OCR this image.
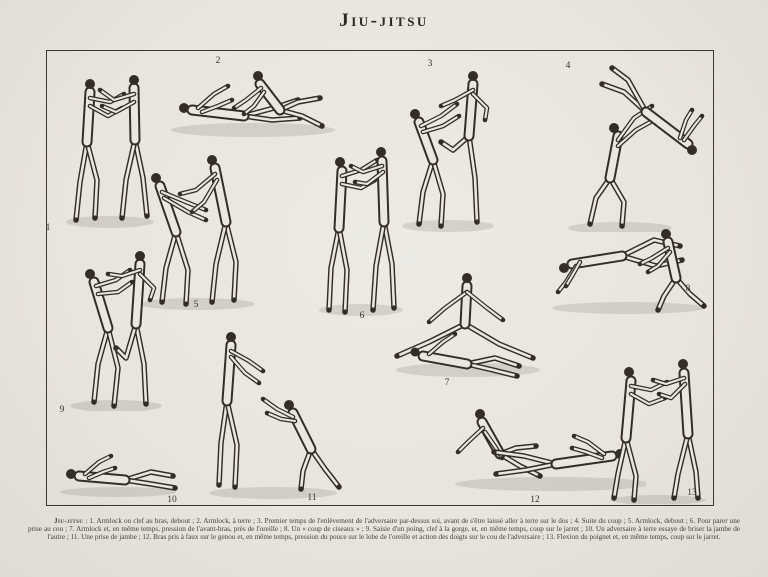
Jiu-jitsu

Jiu-jitsu : 1. Armlock ou clef au bras, debout ; 2. Armlock, à terre ; 3. Premier temps de l'enlèvement de l'adversaire par-dessus soi, avant de s'être laissé aller à terre sur le dos ; 4. Suite du coup ; 5. Armlock, debout ; 6. Pour parer une prise au cou ; 7. Armlock et, en même temps, pression de l'avant-bras, près de l'oreille ; 8. Un « coup de ciseaux » ; 9. Saisie d'un poing, clef à la gorge, et, en même temps, coup sur le jarret ; 10. Un adversaire à terre essaye de briser la jambe de l'autre ; 11. Une prise de jambe ; 12. Bras pris à faux sur le genou et, en même temps, pression du pouce sur le lobe de l'oreille et action des doigts sur le cou de l'adversaire ; 13. Flexion du poignet et, en même temps, coup sur le jarret.

1
2	3	4
5
6
7
8
9
10	11	12
13
